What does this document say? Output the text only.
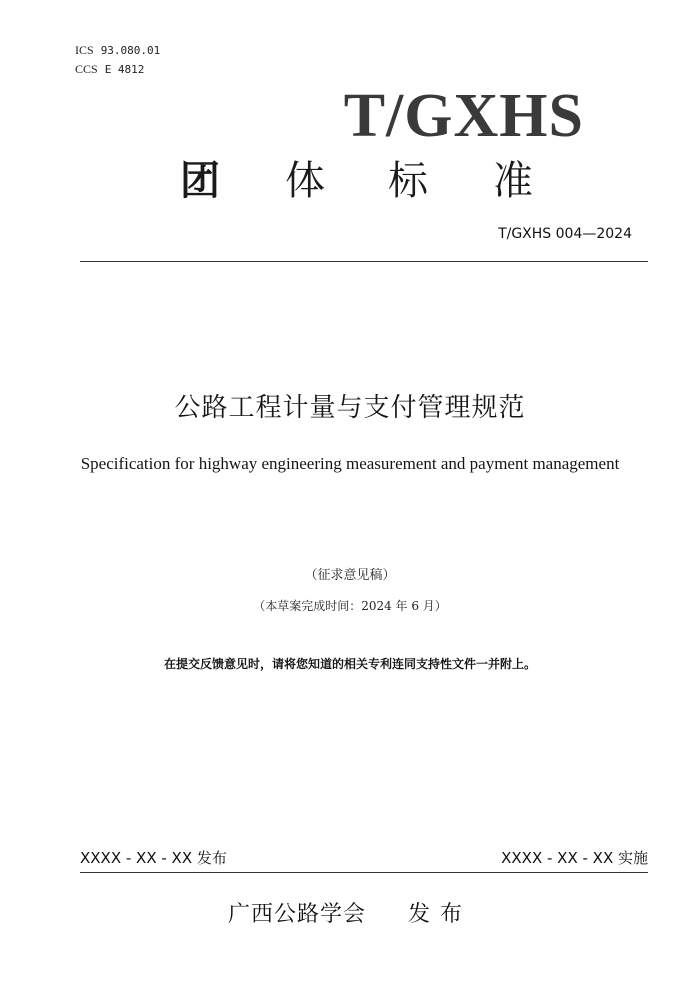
ICS 93.080.01
CCS E 4812
T/GXHS
团 体 标 准
T/GXHS 004—2024
公路工程计量与支付管理规范
Specification for highway engineering measurement and payment management
（征求意见稿）
（本草案完成时间：2024 年 6 月）
在提交反馈意见时，请将您知道的相关专利连同支持性文件一并附上。
XXXX - XX - XX 发布	XXXX - XX - XX 实施
广西公路学会 发布
